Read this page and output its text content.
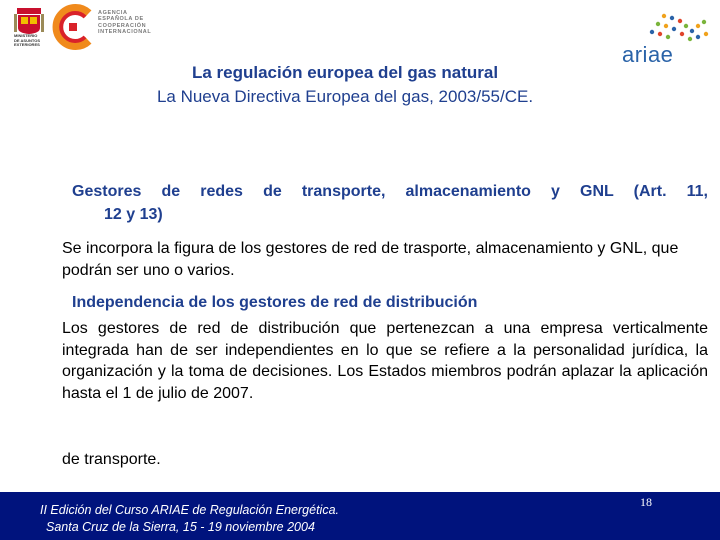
MINISTERIO
DE ASUNTOS
EXTERIORES
AGENCIA
ESPAÑOLA DE
COOPERACIÓN
INTERNACIONAL
ariae
La regulación europea del gas natural
La Nueva Directiva Europea del gas, 2003/55/CE.
Gestores de redes de transporte, almacenamiento y GNL (Art. 11,
12 y 13)
Se incorpora la figura de los gestores de red de trasporte, almacenamiento y GNL, que podrán ser uno o varios.
Independencia de los gestores de red de distribución
Los gestores de red de distribución que pertenezcan a una empresa verticalmente integrada han de ser independientes en lo que se refiere a la personalidad jurídica, la organización y la toma de decisiones. Los Estados miembros podrán aplazar la aplicación hasta el 1 de julio de 2007.
de transporte.
II Edición del Curso ARIAE de Regulación Energética.
Santa Cruz de la Sierra, 15 - 19 noviembre 2004
18
